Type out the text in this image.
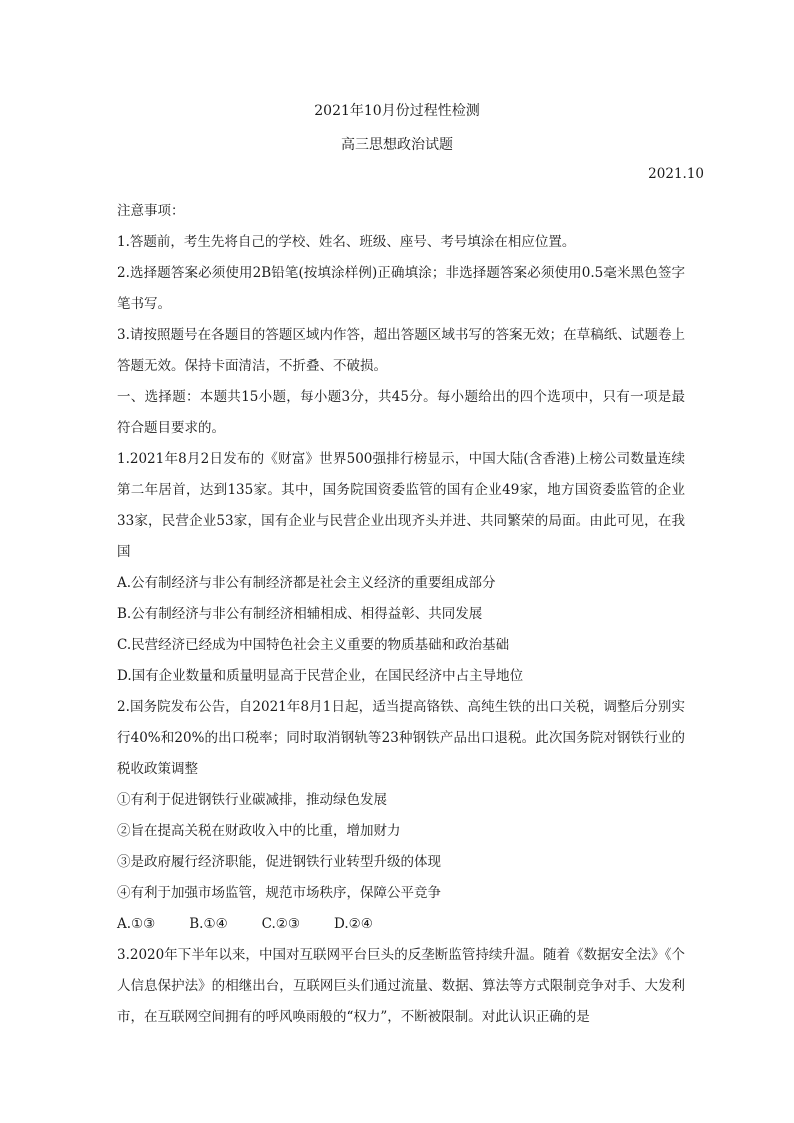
2021年10月份过程性检测
高三思想政治试题
2021.10

注意事项：

1.答题前，考生先将自己的学校、姓名、班级、座号、考号填涂在相应位置。

2.选择题答案必须使用2B铅笔(按填涂样例)正确填涂；非选择题答案必须使用0.5毫米黑色签字笔书写。

3.请按照题号在各题目的答题区域内作答，超出答题区域书写的答案无效；在草稿纸、试题卷上答题无效。保持卡面清洁，不折叠、不破损。

一、选择题：本题共15小题，每小题3分，共45分。每小题给出的四个选项中，只有一项是最符合题目要求的。

1.2021年8月2日发布的《财富》世界500强排行榜显示，中国大陆(含香港)上榜公司数量连续第二年居首，达到135家。其中，国务院国资委监管的国有企业49家，地方国资委监管的企业33家，民营企业53家，国有企业与民营企业出现齐头并进、共同繁荣的局面。由此可见，在我国

A.公有制经济与非公有制经济都是社会主义经济的重要组成部分

B.公有制经济与非公有制经济相辅相成、相得益彰、共同发展

C.民营经济已经成为中国特色社会主义重要的物质基础和政治基础

D.国有企业数量和质量明显高于民营企业，在国民经济中占主导地位

2.国务院发布公告，自2021年8月1日起，适当提高铬铁、高纯生铁的出口关税，调整后分别实行40%和20%的出口税率；同时取消钢轨等23种钢铁产品出口退税。此次国务院对钢铁行业的税收政策调整

①有利于促进钢铁行业碳减排，推动绿色发展

②旨在提高关税在财政收入中的比重，增加财力

③是政府履行经济职能，促进钢铁行业转型升级的体现

④有利于加强市场监管，规范市场秩序，保障公平竞争

A.①③	B.①④	C.②③	D.②④

3.2020年下半年以来，中国对互联网平台巨头的反垄断监管持续升温。随着《数据安全法》《个人信息保护法》的相继出台，互联网巨头们通过流量、数据、算法等方式限制竞争对手、大发利市，在互联网空间拥有的呼风唤雨般的“权力”，不断被限制。对此认识正确的是
